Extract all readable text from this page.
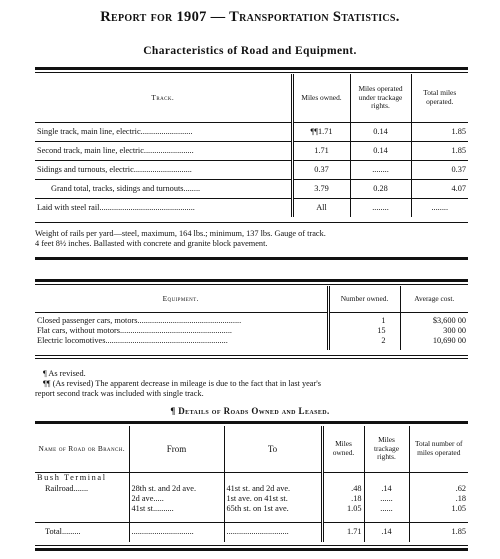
Report for 1907 — Transportation Statistics.
Characteristics of Road and Equipment.
Track.	Miles owned.	Miles operated under trackage rights.	Total miles operated.
Single track, main line, electric.........................	¶¶1.71	0.14	1.85
Second track, main line, electric........................	1.71	0.14	1.85
Sidings and turnouts, electric............................	0.37	........	0.37
Grand total, tracks, sidings and turnouts........	3.79	0.28	4.07
Laid with steel rail..............................................	All	........	........
Weight of rails per yard—steel, maximum, 164 lbs.; minimum, 137 lbs. Gauge of track.
4 feet 8½ inches. Ballasted with concrete and granite block pavement.
Equipment.	Number owned.	Average cost.

Closed passenger cars, motors..................................................	1	$3,600 00
Flat cars, without motors......................................................	15	300 00
Electric locomotives...........................................................	2	10,690 00

¶ As revised.
¶¶ (As revised) The apparent decrease in mileage is due to the fact that in last year's
report second track was included with single track.
¶ Details of Roads Owned and Leased.
Name of Road or Branch.	From	To	Miles owned.	Miles trackage rights.	Total number of miles operated
Bush Terminal					
Railroad.......	28th st. and 2d ave.	41st st. and 2d ave.	.48	.14	.62
	2d ave.....	1st ave. on 41st st.	.18	......	.18
	41st st..........	65th st. on 1st ave.	1.05	......	1.05

Total.........	..............................	..............................	1.71	.14	1.85
